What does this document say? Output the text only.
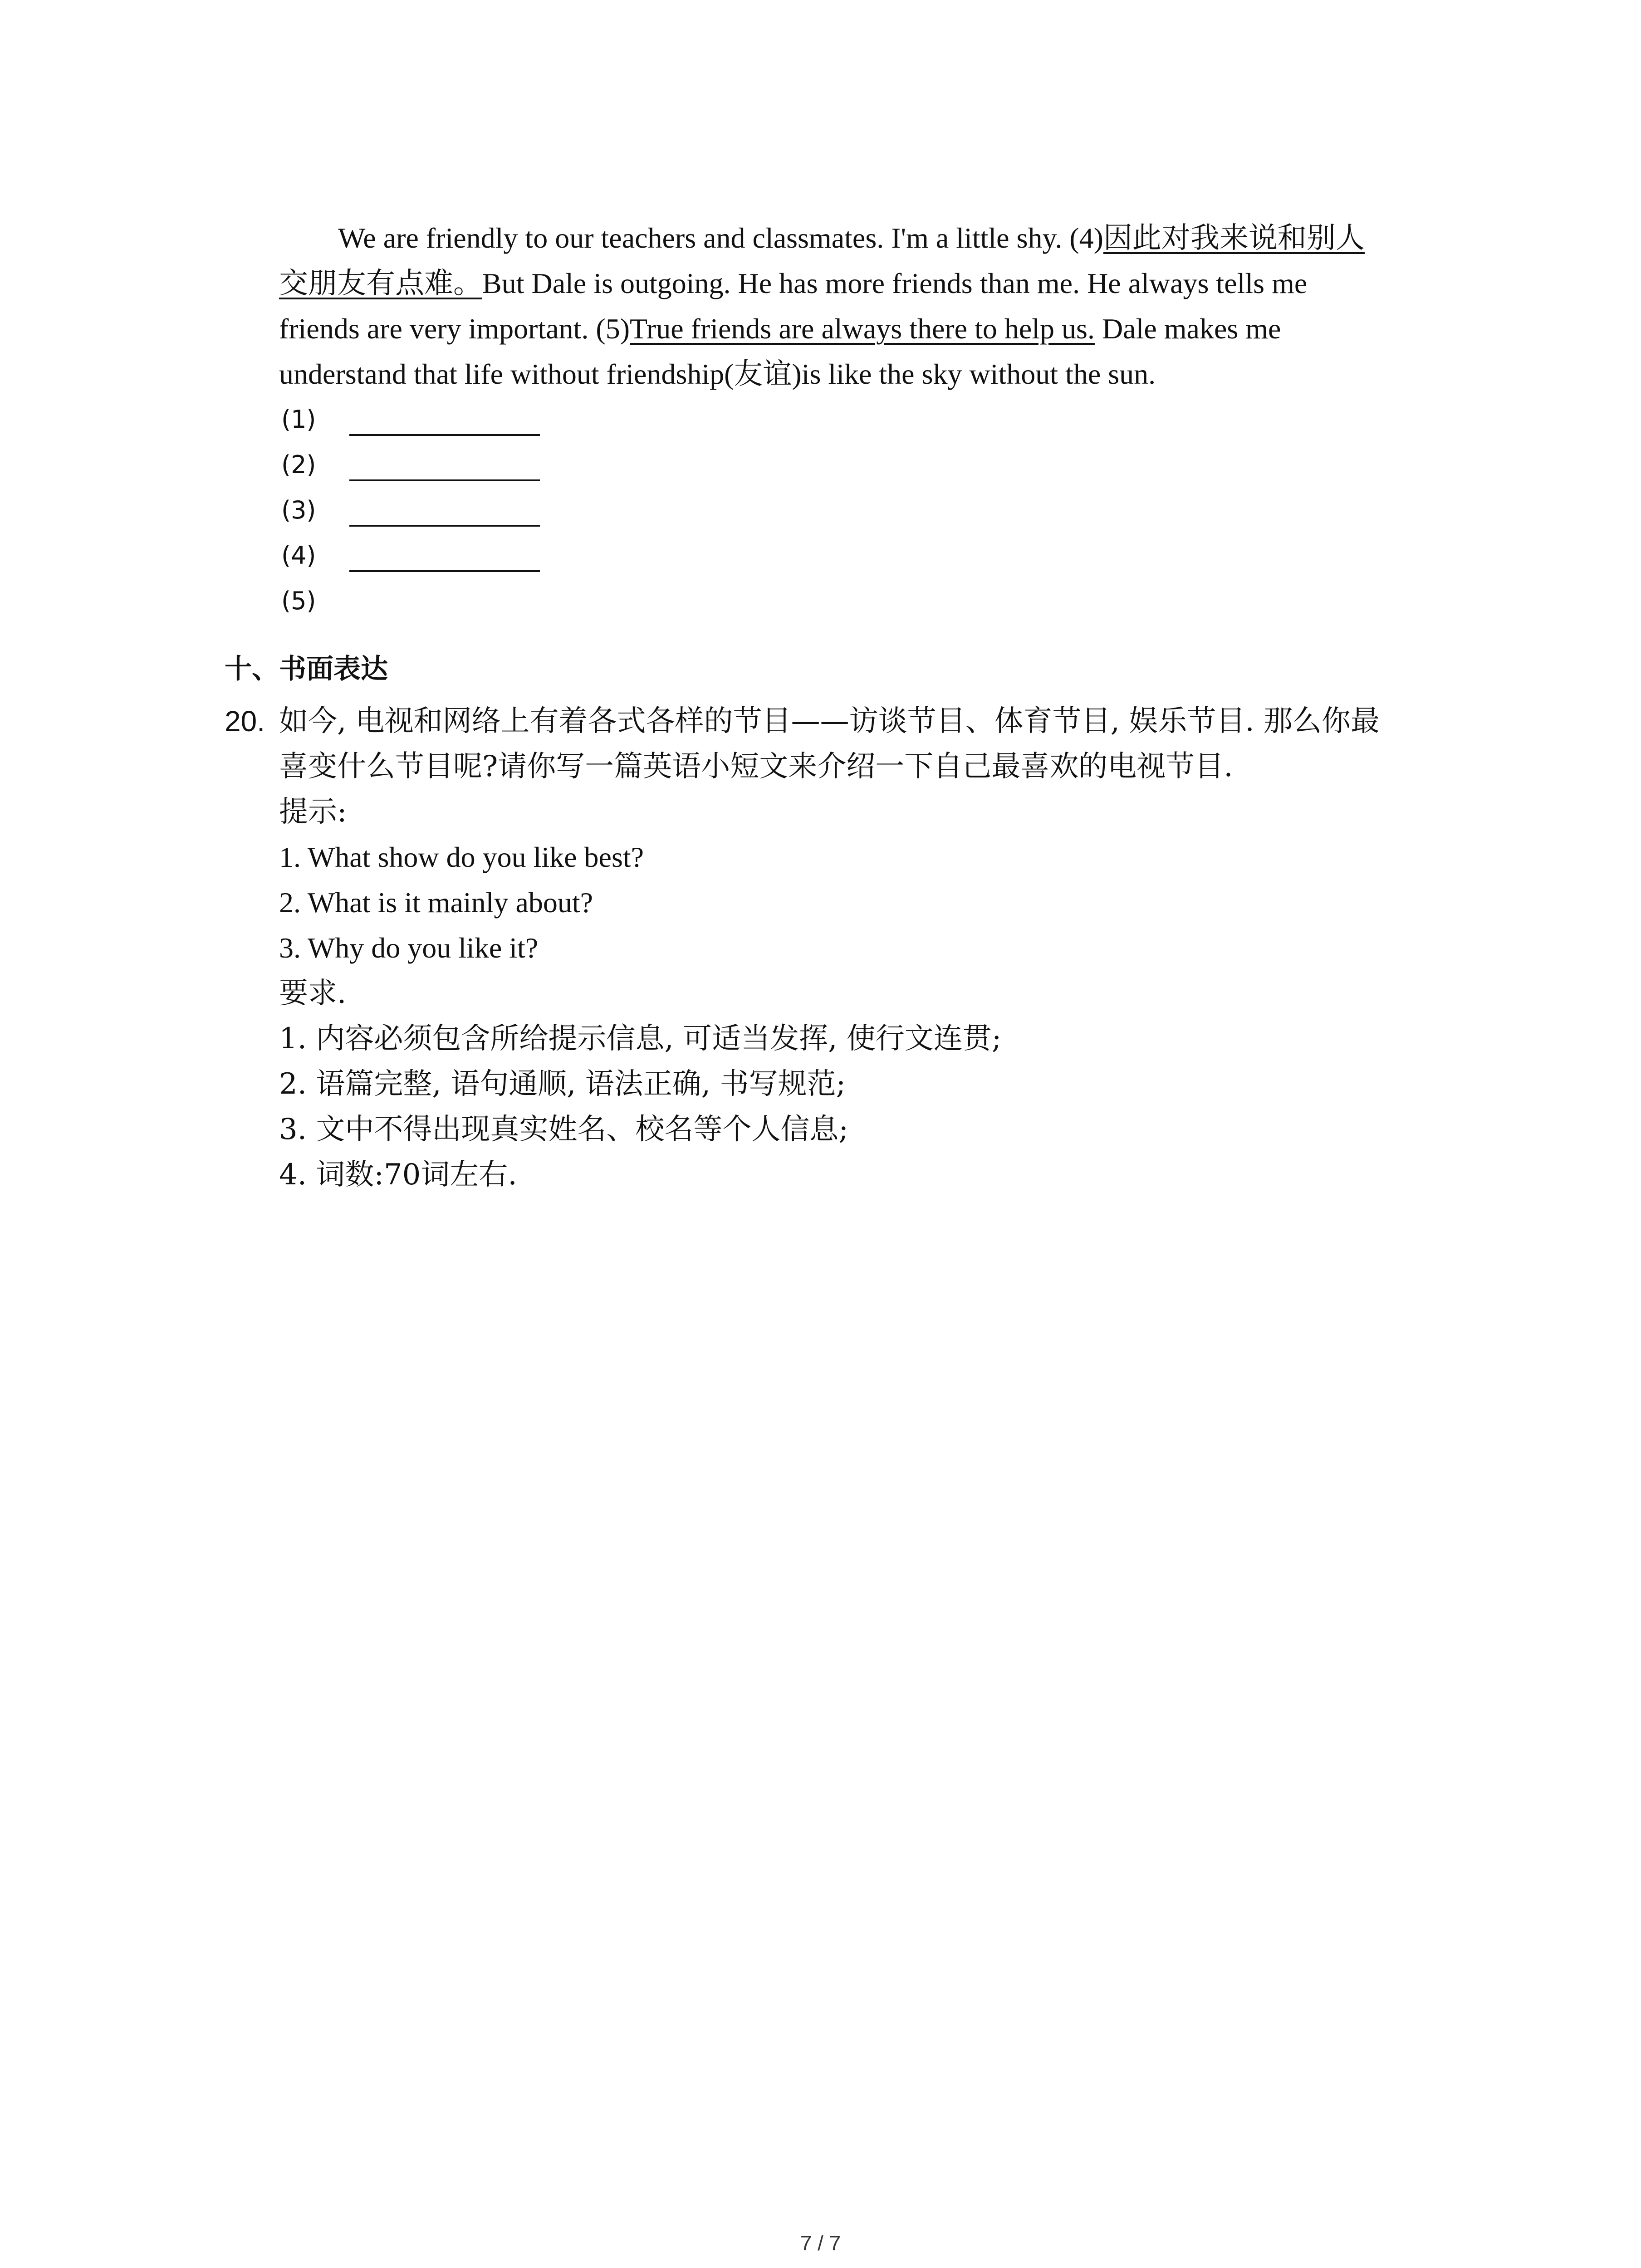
We are friendly to our teachers and classmates. I'm a little shy. (4)因此对我来说和别人
交朋友有点难。But Dale is outgoing. He has more friends than me. He always tells me
friends are very important. (5)True friends are always there to help us. Dale makes me
understand that life without friendship(友谊)is like the sky without the sun.
(1)
(2)
(3)
(4)
(5)
十、书面表达
20. 如今, 电视和网络上有着各式各样的节目——访谈节目、体育节目, 娱乐节目. 那么你最
喜变什么节目呢?请你写一篇英语小短文来介绍一下自己最喜欢的电视节目.
提示:
1. What show do you like best?
2. What is it mainly about?
3. Why do you like it?
要求.
1. 内容必须包含所给提示信息, 可适当发挥, 使行文连贯;
2. 语篇完整, 语句通顺, 语法正确, 书写规范;
3. 文中不得出现真实姓名、校名等个人信息;
4. 词数:70词左右.
7 / 7
